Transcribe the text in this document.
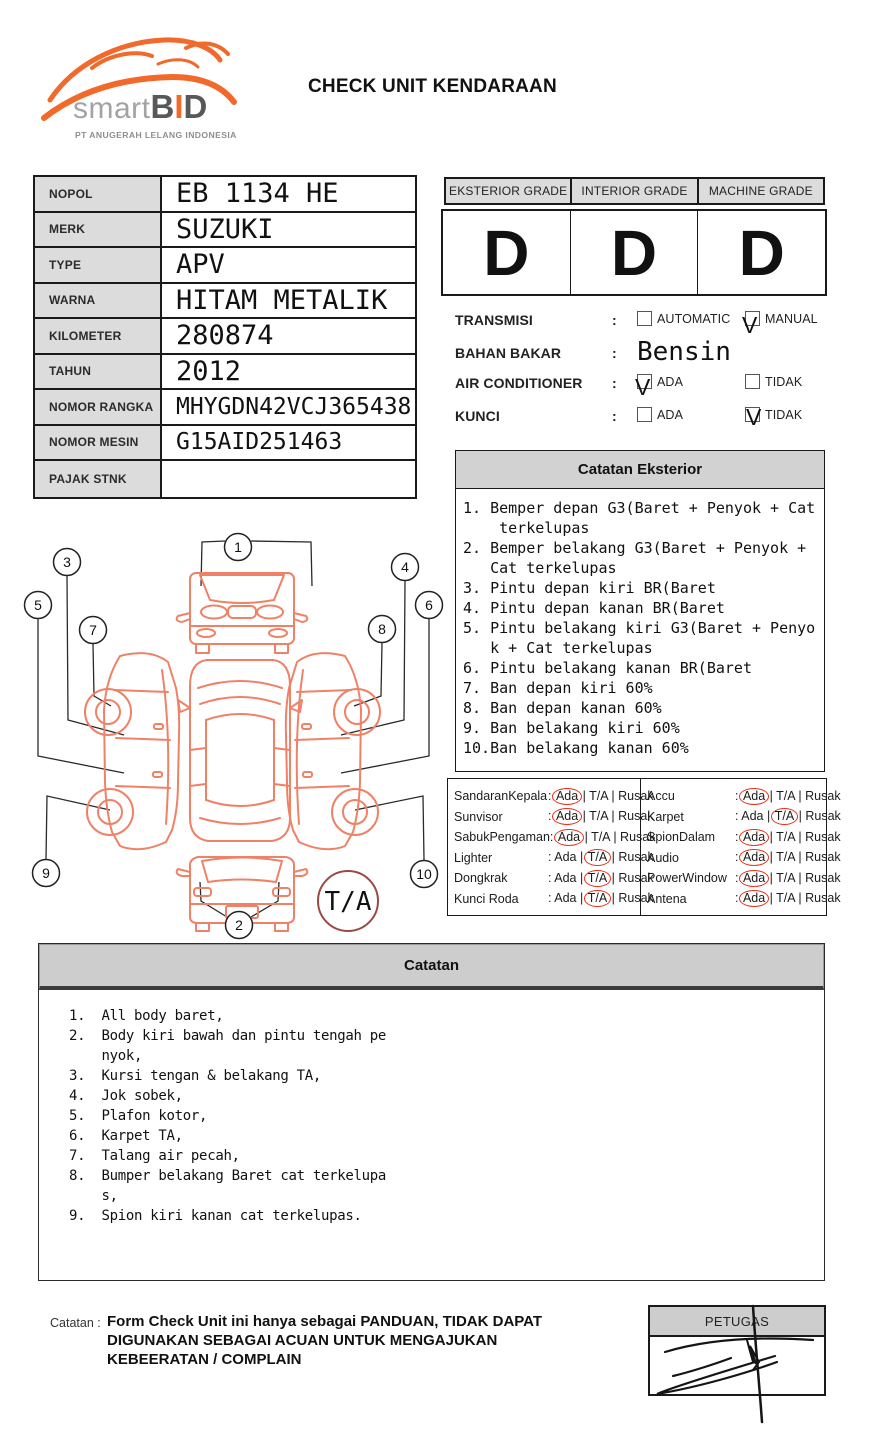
smartBID
PT ANUGERAH LELANG INDONESIA
CHECK UNIT KENDARAAN
NOPOL	EB 1134 HE
MERK	SUZUKI
TYPE	APV
WARNA	HITAM METALIK
KILOMETER	280874
TAHUN	2012
NOMOR RANGKA MHYGDN42VCJ365438
NOMOR MESIN	G15AID251463
PAJAK STNK
EKSTERIOR GRADE	INTERIOR GRADE	MACHINE GRADE
D	D	D
TRANSMISI	:	AUTOMATIC V MANUAL
BAHAN BAKAR	: Bensin
AIR CONDITIONER : V ADA	TIDAK
KUNCI	:	ADA	V TIDAK
Catatan Eksterior
1. Bemper depan G3(Baret + Penyok + Cat
terkelupas
2. Bemper belakang G3(Baret + Penyok +
Cat terkelupas
3. Pintu depan kiri BR(Baret
4. Pintu depan kanan BR(Baret
5. Pintu belakang kiri G3(Baret + Penyo
k + Cat terkelupas
6. Pintu belakang kanan BR(Baret
7. Ban depan kiri 60%
8. Ban depan kanan 60%
9. Ban belakang kiri 60%
10.Ban belakang kanan 60%
1
2
3	4
5	6
7	8
9	10
T/A
SandaranKepala : Ada | T/A | Rusak
Sunvisor	: Ada | T/A | Rusak
SabukPengaman : Ada | T/A | Rusak
Lighter	: Ada | T/A | Rusak
Dongkrak	: Ada | T/A | Rusak
Kunci Roda	: Ada | T/A | Rusak
Accu	: Ada | T/A | Rusak
Karpet	: Ada | T/A | Rusak
SpionDalam	: Ada | T/A | Rusak
Audio	: Ada | T/A | Rusak
PowerWindow : Ada | T/A | Rusak
Antena	: Ada | T/A | Rusak
Catatan
1.  All body baret,
2.  Body kiri bawah dan pintu tengah pe
nyok,
3.  Kursi tengan & belakang TA,
4.  Jok sobek,
5.  Plafon kotor,
6.  Karpet TA,
7.  Talang air pecah,
8.  Bumper belakang Baret cat terkelupa
s,
9.  Spion kiri kanan cat terkelupas.
Catatan : Form Check Unit ini hanya sebagai PANDUAN, TIDAK DAPAT DIGUNAKAN SEBAGAI ACUAN UNTUK MENGAJUKAN KEBEERATAN / COMPLAIN
PETUGAS
